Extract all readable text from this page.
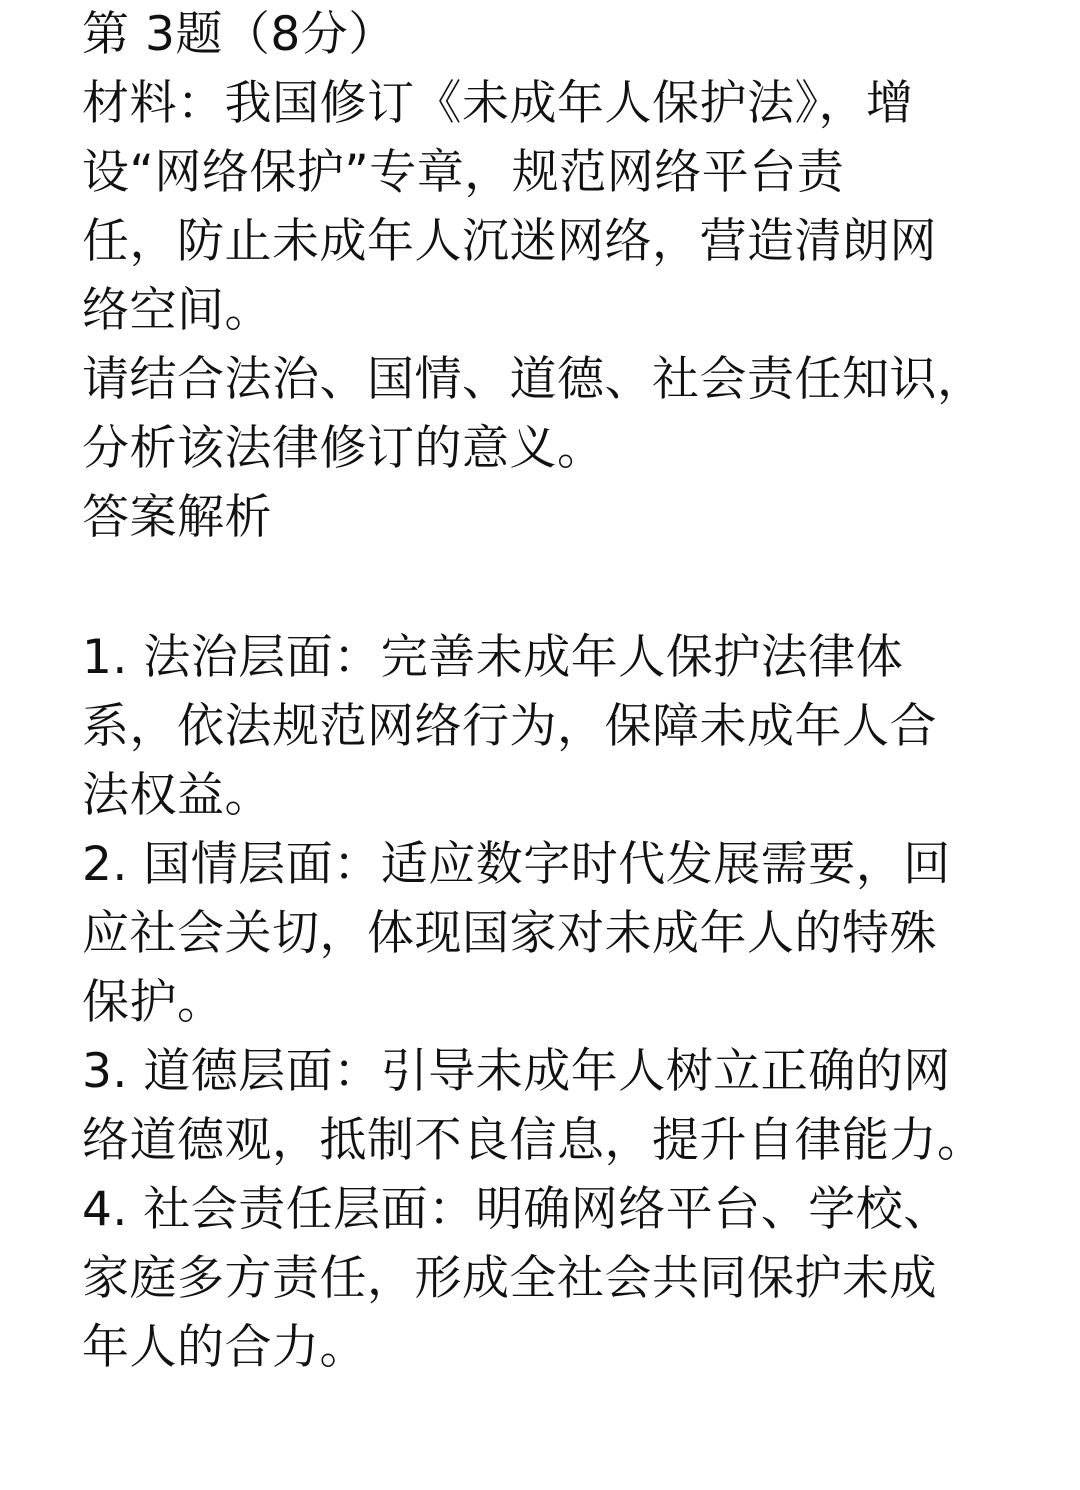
第 3题（8分）
材料：我国修订《未成年人保护法》，增
设“网络保护”专章，规范网络平台责
任，防止未成年人沉迷网络，营造清朗网
络空间。
请结合法治、国情、道德、社会责任知识，
分析该法律修订的意义。
答案解析
1. 法治层面：完善未成年人保护法律体
系，依法规范网络行为，保障未成年人合
法权益。
2. 国情层面：适应数字时代发展需要，回
应社会关切，体现国家对未成年人的特殊
保护。
3. 道德层面：引导未成年人树立正确的网
络道德观，抵制不良信息，提升自律能力。
4. 社会责任层面：明确网络平台、学校、
家庭多方责任，形成全社会共同保护未成
年人的合力。
